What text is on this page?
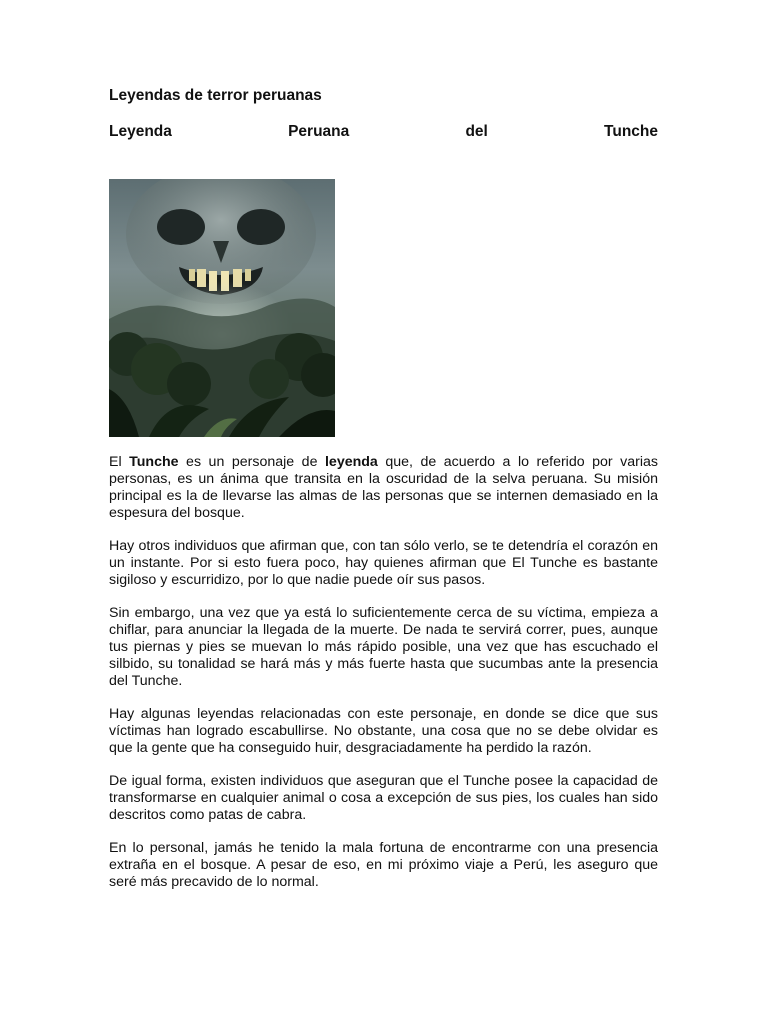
Leyendas de terror peruanas
Leyenda	Peruana	del	Tunche

El Tunche es un personaje de leyenda que, de acuerdo a lo referido por varias personas, es un ánima que transita en la oscuridad de la selva peruana. Su misión principal es la de llevarse las almas de las personas que se internen demasiado en la espesura del bosque.

Hay otros individuos que afirman que, con tan sólo verlo, se te detendría el corazón en un instante. Por si esto fuera poco, hay quienes afirman que El Tunche es bastante sigiloso y escurridizo, por lo que nadie puede oír sus pasos.

Sin embargo, una vez que ya está lo suficientemente cerca de su víctima, empieza a chiflar, para anunciar la llegada de la muerte. De nada te servirá correr, pues, aunque tus piernas y pies se muevan lo más rápido posible, una vez que has escuchado el silbido, su tonalidad se hará más y más fuerte hasta que sucumbas ante la presencia del Tunche.

Hay algunas leyendas relacionadas con este personaje, en donde se dice que sus víctimas han logrado escabullirse. No obstante, una cosa que no se debe olvidar es que la gente que ha conseguido huir, desgraciadamente ha perdido la razón.

De igual forma, existen individuos que aseguran que el Tunche posee la capacidad de transformarse en cualquier animal o cosa a excepción de sus pies, los cuales han sido descritos como patas de cabra.

En lo personal, jamás he tenido la mala fortuna de encontrarme con una presencia extraña en el bosque. A pesar de eso, en mi próximo viaje a Perú, les aseguro que seré más precavido de lo normal.
